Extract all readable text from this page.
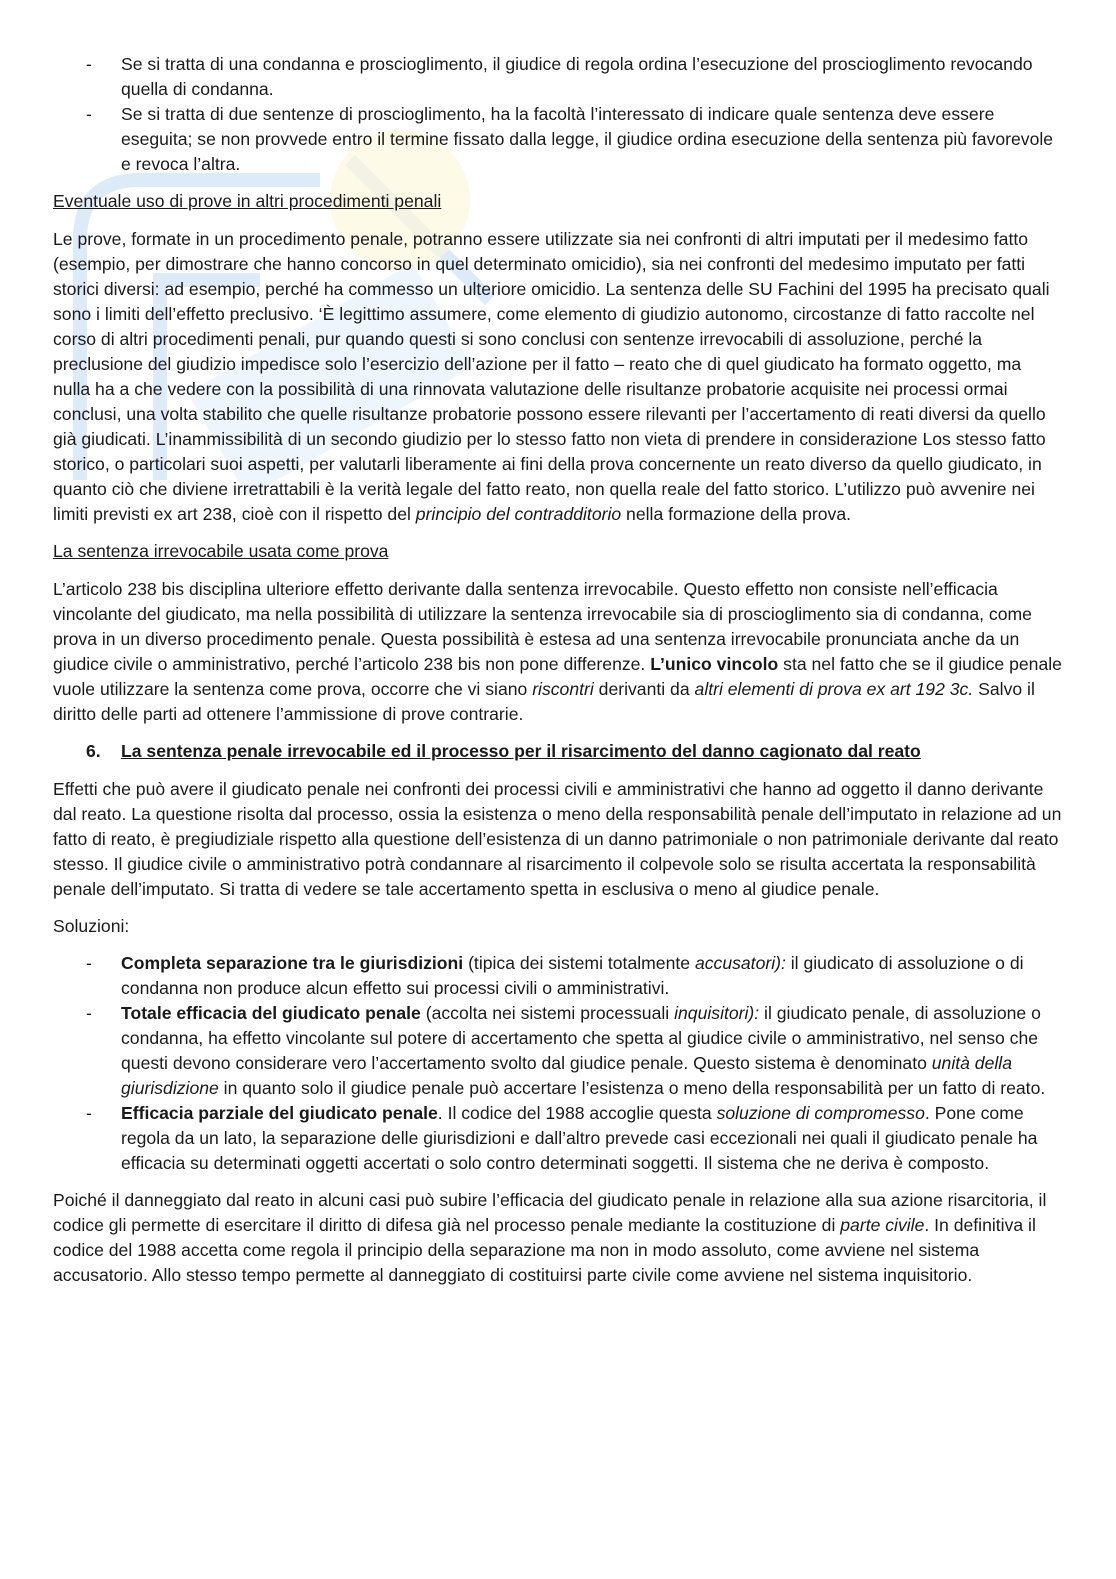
- Se si tratta di una condanna e proscioglimento, il giudice di regola ordina l’esecuzione del proscioglimento revocando quella di condanna.
- Se si tratta di due sentenze di proscioglimento, ha la facoltà l’interessato di indicare quale sentenza deve essere eseguita; se non provvede entro il termine fissato dalla legge, il giudice ordina esecuzione della sentenza più favorevole e revoca l’altra.

Eventuale uso di prove in altri procedimenti penali

Le prove, formate in un procedimento penale, potranno essere utilizzate sia nei confronti di altri imputati per il medesimo fatto (esempio, per dimostrare che hanno concorso in quel determinato omicidio), sia nei confronti del medesimo imputato per fatti storici diversi: ad esempio, perché ha commesso un ulteriore omicidio. La sentenza delle SU Fachini del 1995 ha precisato quali sono i limiti dell’effetto preclusivo. ‘È legittimo assumere, come elemento di giudizio autonomo, circostanze di fatto raccolte nel corso di altri procedimenti penali, pur quando questi si sono conclusi con sentenze irrevocabili di assoluzione, perché la preclusione del giudizio impedisce solo l’esercizio dell’azione per il fatto – reato che di quel giudicato ha formato oggetto, ma nulla ha a che vedere con la possibilità di una rinnovata valutazione delle risultanze probatorie acquisite nei processi ormai conclusi, una volta stabilito che quelle risultanze probatorie possono essere rilevanti per l’accertamento di reati diversi da quello già giudicati. L’inammissibilità di un secondo giudizio per lo stesso fatto non vieta di prendere in considerazione Los stesso fatto storico, o particolari suoi aspetti, per valutarli liberamente ai fini della prova concernente un reato diverso da quello giudicato, in quanto ciò che diviene irretrattabili è la verità legale del fatto reato, non quella reale del fatto storico. L’utilizzo può avvenire nei limiti previsti ex art 238, cioè con il rispetto del principio del contradditorio nella formazione della prova.

La sentenza irrevocabile usata come prova

L’articolo 238 bis disciplina ulteriore effetto derivante dalla sentenza irrevocabile. Questo effetto non consiste nell’efficacia vincolante del giudicato, ma nella possibilità di utilizzare la sentenza irrevocabile sia di proscioglimento sia di condanna, come prova in un diverso procedimento penale. Questa possibilità è estesa ad una sentenza irrevocabile pronunciata anche da un giudice civile o amministrativo, perché l’articolo 238 bis non pone differenze. L’unico vincolo sta nel fatto che se il giudice penale vuole utilizzare la sentenza come prova, occorre che vi siano riscontri derivanti da altri elementi di prova ex art 192 3c. Salvo il diritto delle parti ad ottenere l’ammissione di prove contrarie.

6. La sentenza penale irrevocabile ed il processo per il risarcimento del danno cagionato dal reato

Effetti che può avere il giudicato penale nei confronti dei processi civili e amministrativi che hanno ad oggetto il danno derivante dal reato. La questione risolta dal processo, ossia la esistenza o meno della responsabilità penale dell’imputato in relazione ad un fatto di reato, è pregiudiziale rispetto alla questione dell’esistenza di un danno patrimoniale o non patrimoniale derivante dal reato stesso. Il giudice civile o amministrativo potrà condannare al risarcimento il colpevole solo se risulta accertata la responsabilità penale dell’imputato. Si tratta di vedere se tale accertamento spetta in esclusiva o meno al giudice penale.

Soluzioni:

- Completa separazione tra le giurisdizioni (tipica dei sistemi totalmente accusatori): il giudicato di assoluzione o di condanna non produce alcun effetto sui processi civili o amministrativi.
- Totale efficacia del giudicato penale (accolta nei sistemi processuali inquisitori): il giudicato penale, di assoluzione o condanna, ha effetto vincolante sul potere di accertamento che spetta al giudice civile o amministrativo, nel senso che questi devono considerare vero l’accertamento svolto dal giudice penale. Questo sistema è denominato unità della giurisdizione in quanto solo il giudice penale può accertare l’esistenza o meno della responsabilità per un fatto di reato.
- Efficacia parziale del giudicato penale. Il codice del 1988 accoglie questa soluzione di compromesso. Pone come regola da un lato, la separazione delle giurisdizioni e dall’altro prevede casi eccezionali nei quali il giudicato penale ha efficacia su determinati oggetti accertati o solo contro determinati soggetti. Il sistema che ne deriva è composto.

Poiché il danneggiato dal reato in alcuni casi può subire l’efficacia del giudicato penale in relazione alla sua azione risarcitoria, il codice gli permette di esercitare il diritto di difesa già nel processo penale mediante la costituzione di parte civile. In definitiva il codice del 1988 accetta come regola il principio della separazione ma non in modo assoluto, come avviene nel sistema accusatorio. Allo stesso tempo permette al danneggiato di costituirsi parte civile come avviene nel sistema inquisitorio.
